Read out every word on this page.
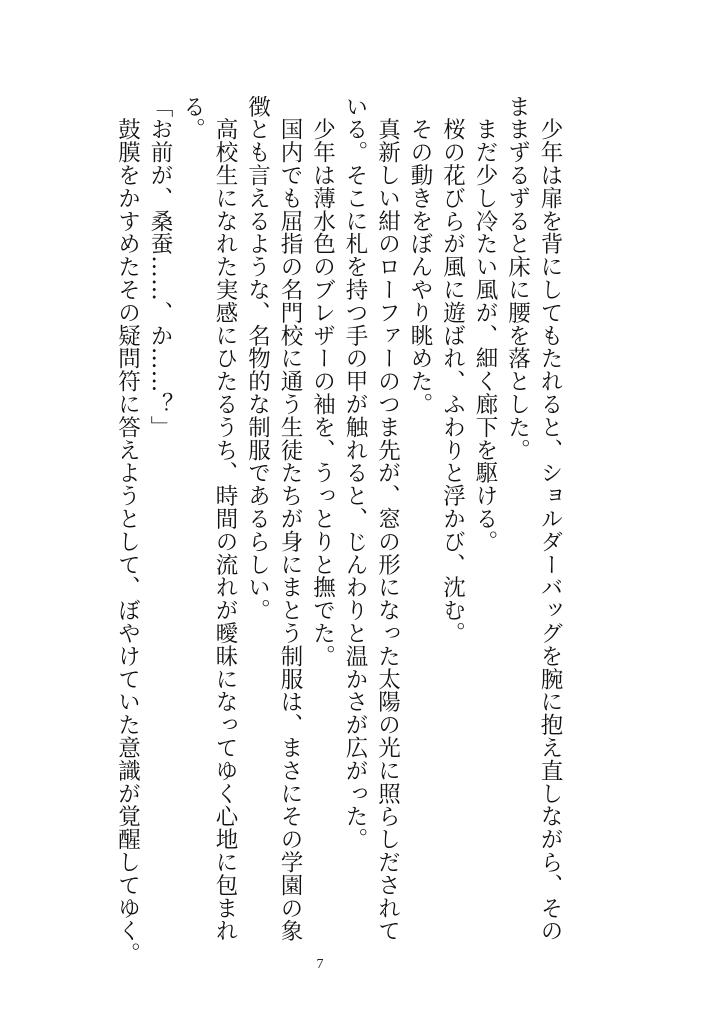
　少年は扉を背にしてもたれると、ショルダーバッグを腕に抱え直しながら、その
ままずるずると床に腰を落とした。
　まだ少し冷たい風が、細く廊下を駆ける。
　桜の花びらが風に遊ばれ、ふわりと浮かび、沈む。
　その動きをぼんやり眺めた。
　真新しい紺のローファーのつま先が、窓の形になった太陽の光に照らしだされて
いる。そこに札を持つ手の甲が触れると、じんわりと温かさが広がった。
　少年は薄水色のブレザーの袖を、うっとりと撫でた。
　国内でも屈指の名門校に通う生徒たちが身にまとう制服は、まさにその学園の象
徴とも言えるような、名物的な制服であるらしい。
　高校生になれた実感にひたるうち、時間の流れが曖昧になってゆく心地に包まれ
る。
「お前が、桑蚕……、か……？」
　鼓膜をかすめたその疑問符に答えようとして、ぼやけていた意識が覚醒してゆく。	7
